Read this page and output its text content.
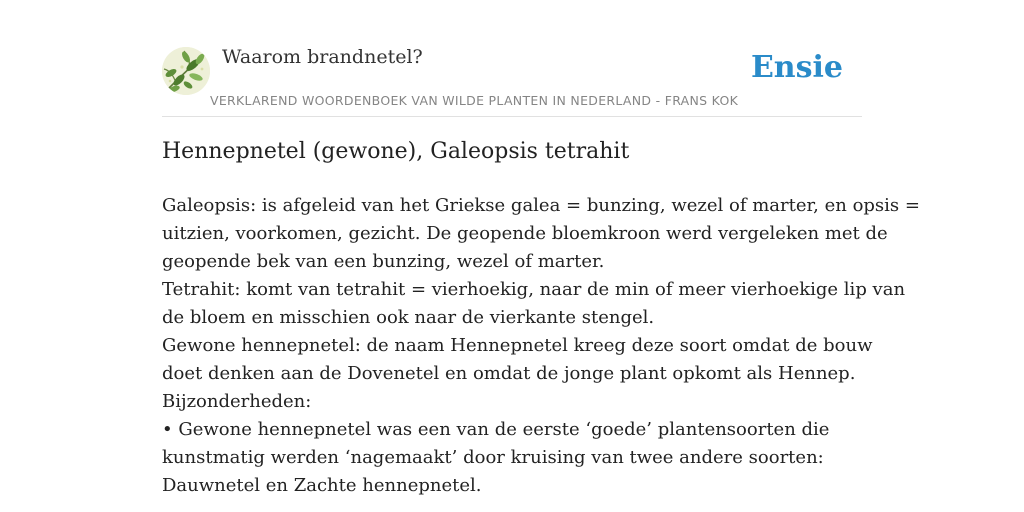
Waarom brandnetel?
VERKLAREND WOORDENBOEK VAN WILDE PLANTEN IN NEDERLAND - FRANS KOK
Ensie
Hennepnetel (gewone), Galeopsis tetrahit
Galeopsis: is afgeleid van het Griekse galea = bunzing, wezel of marter, en opsis =
uitzien, voorkomen, gezicht. De geopende bloemkroon werd vergeleken met de
geopende bek van een bunzing, wezel of marter.
Tetrahit: komt van tetrahit = vierhoekig, naar de min of meer vierhoekige lip van
de bloem en misschien ook naar de vierkante stengel.
Gewone hennepnetel: de naam Hennepnetel kreeg deze soort omdat de bouw
doet denken aan de Dovenetel en omdat de jonge plant opkomt als Hennep.
Bijzonderheden:
• Gewone hennepnetel was een van de eerste ‘goede’ plantensoorten die
kunstmatig werden ‘nagemaakt’ door kruising van twee andere soorten:
Dauwnetel en Zachte hennepnetel.
